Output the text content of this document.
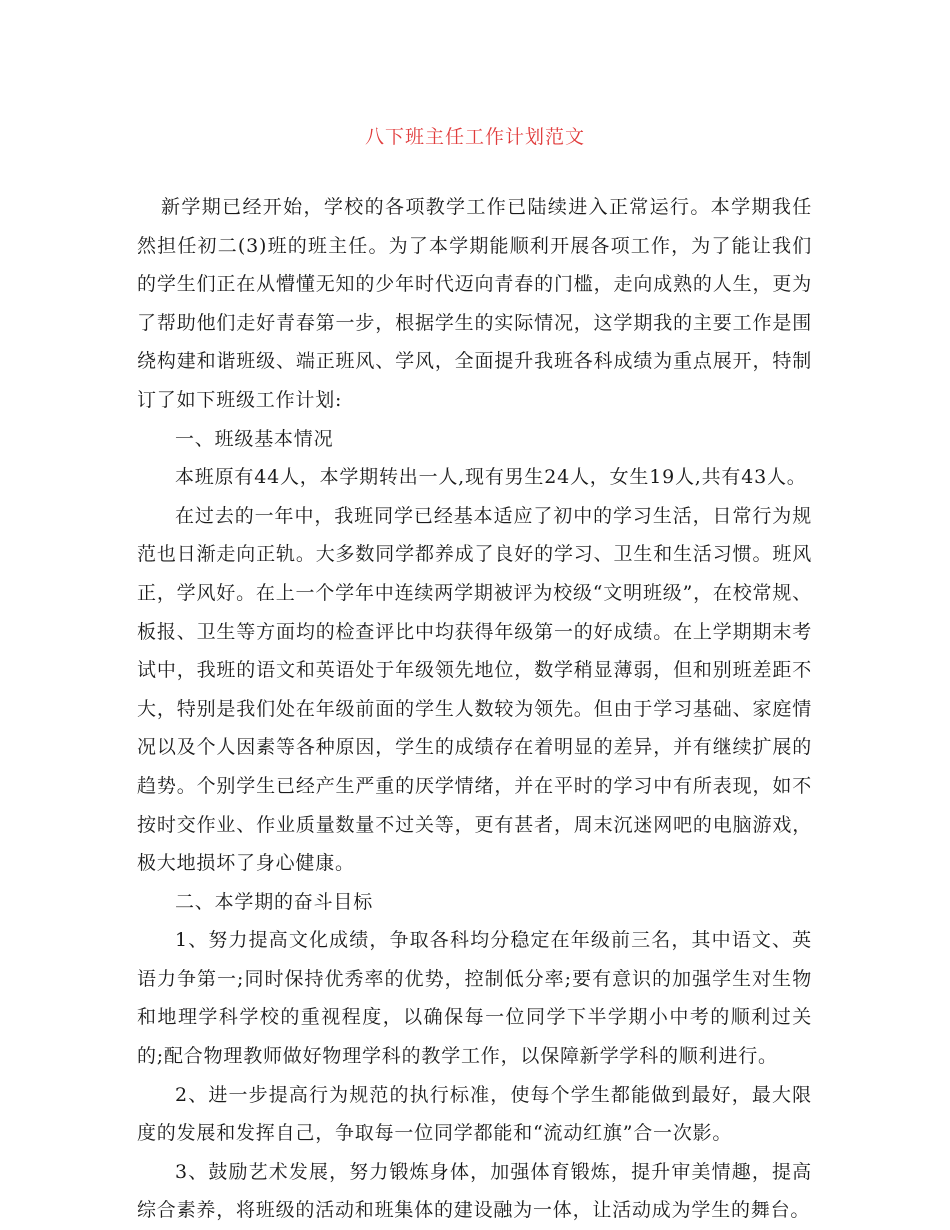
八下班主任工作计划范文

新学期已经开始，学校的各项教学工作已陆续进入正常运行。本学期我任然担任初二(3)班的班主任。为了本学期能顺利开展各项工作，为了能让我们的学生们正在从懵懂无知的少年时代迈向青春的门槛，走向成熟的人生，更为了帮助他们走好青春第一步，根据学生的实际情况，这学期我的主要工作是围绕构建和谐班级、端正班风、学风，全面提升我班各科成绩为重点展开，特制订了如下班级工作计划:

一、班级基本情况

本班原有44人，本学期转出一人,现有男生24人，女生19人,共有43人。

在过去的一年中，我班同学已经基本适应了初中的学习生活，日常行为规范也日渐走向正轨。大多数同学都养成了良好的学习、卫生和生活习惯。班风正，学风好。在上一个学年中连续两学期被评为校级“文明班级”，在校常规、板报、卫生等方面均的检查评比中均获得年级第一的好成绩。在上学期期末考试中，我班的语文和英语处于年级领先地位，数学稍显薄弱，但和别班差距不大，特别是我们处在年级前面的学生人数较为领先。但由于学习基础、家庭情况以及个人因素等各种原因，学生的成绩存在着明显的差异，并有继续扩展的趋势。个别学生已经产生严重的厌学情绪，并在平时的学习中有所表现，如不按时交作业、作业质量数量不过关等，更有甚者，周末沉迷网吧的电脑游戏，极大地损坏了身心健康。

二、本学期的奋斗目标

1、努力提高文化成绩，争取各科均分稳定在年级前三名，其中语文、英语力争第一;同时保持优秀率的优势，控制低分率;要有意识的加强学生对生物和地理学科学校的重视程度，以确保每一位同学下半学期小中考的顺利过关的;配合物理教师做好物理学科的教学工作，以保障新学学科的顺利进行。

2、进一步提高行为规范的执行标准，使每个学生都能做到最好，最大限度的发展和发挥自己，争取每一位同学都能和“流动红旗”合一次影。

3、鼓励艺术发展，努力锻炼身体，加强体育锻炼，提升审美情趣，提高综合素养，将班级的活动和班集体的建设融为一体，让活动成为学生的舞台。
